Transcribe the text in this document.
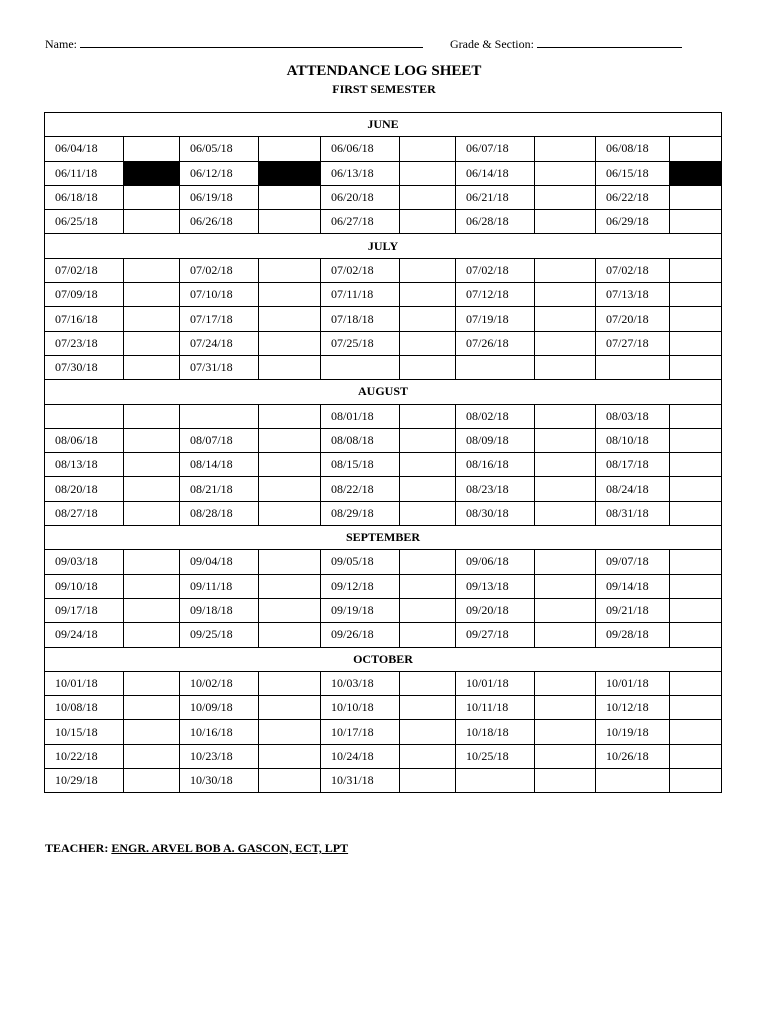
Name:	Grade & Section:
ATTENDANCE LOG SHEET
FIRST SEMESTER
JUNE									
06/04/18		06/05/18		06/06/18		06/07/18		06/08/18	
06/11/18		06/12/18		06/13/18		06/14/18		06/15/18	
06/18/18		06/19/18		06/20/18		06/21/18		06/22/18	
06/25/18		06/26/18		06/27/18		06/28/18		06/29/18	
JULY									
07/02/18		07/02/18		07/02/18		07/02/18		07/02/18	
07/09/18		07/10/18		07/11/18		07/12/18		07/13/18	
07/16/18		07/17/18		07/18/18		07/19/18		07/20/18	
07/23/18		07/24/18		07/25/18		07/26/18		07/27/18	
07/30/18		07/31/18							
AUGUST									
				08/01/18		08/02/18		08/03/18	
08/06/18		08/07/18		08/08/18		08/09/18		08/10/18	
08/13/18		08/14/18		08/15/18		08/16/18		08/17/18	
08/20/18		08/21/18		08/22/18		08/23/18		08/24/18	
08/27/18		08/28/18		08/29/18		08/30/18		08/31/18	
SEPTEMBER									
09/03/18		09/04/18		09/05/18		09/06/18		09/07/18	
09/10/18		09/11/18		09/12/18		09/13/18		09/14/18	
09/17/18		09/18/18		09/19/18		09/20/18		09/21/18	
09/24/18		09/25/18		09/26/18		09/27/18		09/28/18	
OCTOBER									
10/01/18		10/02/18		10/03/18		10/01/18		10/01/18	
10/08/18		10/09/18		10/10/18		10/11/18		10/12/18	
10/15/18		10/16/18		10/17/18		10/18/18		10/19/18	
10/22/18		10/23/18		10/24/18		10/25/18		10/26/18	
10/29/18		10/30/18		10/31/18					
TEACHER: ENGR. ARVEL BOB A. GASCON, ECT, LPT
